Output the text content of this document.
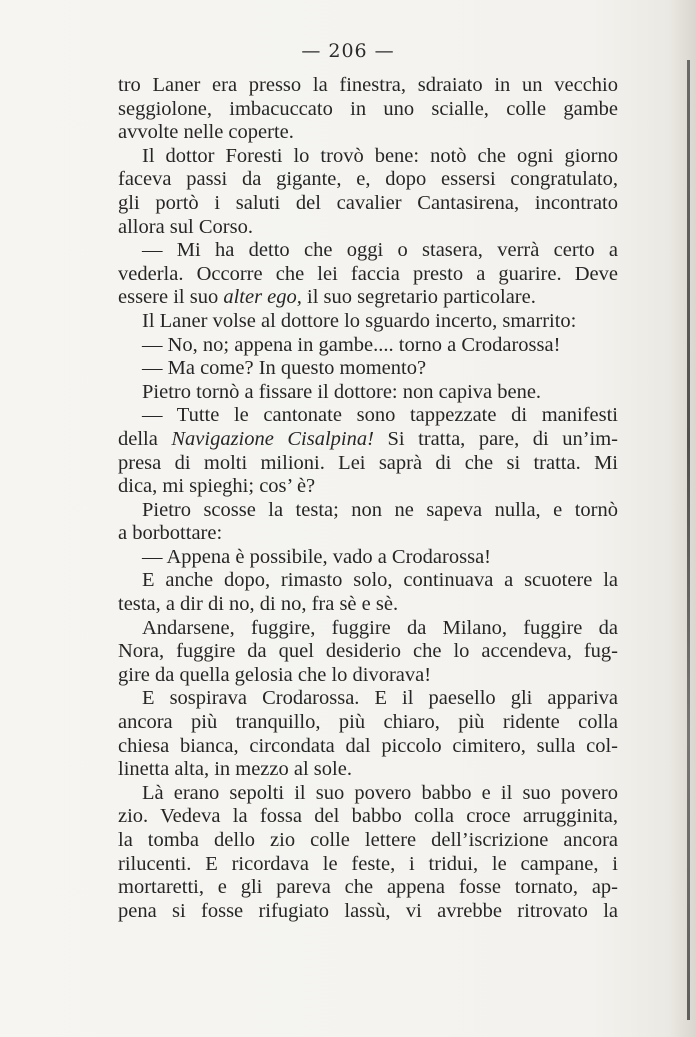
— 206 —

tro Laner era presso la finestra, sdraiato in un vecchio
seggiolone, imbacuccato in uno scialle, colle gambe
avvolte nelle coperte.

Il dottor Foresti lo trovò bene: notò che ogni giorno
faceva passi da gigante, e, dopo essersi congratulato,
gli portò i saluti del cavalier Cantasirena, incontrato
allora sul Corso.

— Mi ha detto che oggi o stasera, verrà certo a
vederla. Occorre che lei faccia presto a guarire. Deve
essere il suo alter ego, il suo segretario particolare.

Il Laner volse al dottore lo sguardo incerto, smarrito:

— No, no; appena in gambe.... torno a Crodarossa!

— Ma come? In questo momento?

Pietro tornò a fissare il dottore: non capiva bene.

— Tutte le cantonate sono tappezzate di manifesti
della Navigazione Cisalpina! Si tratta, pare, di un’im-
presa di molti milioni. Lei saprà di che si tratta. Mi
dica, mi spieghi; cos’ è?

Pietro scosse la testa; non ne sapeva nulla, e tornò
a borbottare:

— Appena è possibile, vado a Crodarossa!

E anche dopo, rimasto solo, continuava a scuotere la
testa, a dir di no, di no, fra sè e sè.

Andarsene, fuggire, fuggire da Milano, fuggire da
Nora, fuggire da quel desiderio che lo accendeva, fug-
gire da quella gelosia che lo divorava!

E sospirava Crodarossa. E il paesello gli appariva
ancora più tranquillo, più chiaro, più ridente colla
chiesa bianca, circondata dal piccolo cimitero, sulla col-
linetta alta, in mezzo al sole.

Là erano sepolti il suo povero babbo e il suo povero
zio. Vedeva la fossa del babbo colla croce arrugginita,
la tomba dello zio colle lettere dell’iscrizione ancora
rilucenti. E ricordava le feste, i tridui, le campane, i
mortaretti, e gli pareva che appena fosse tornato, ap-
pena si fosse rifugiato lassù, vi avrebbe ritrovato la
